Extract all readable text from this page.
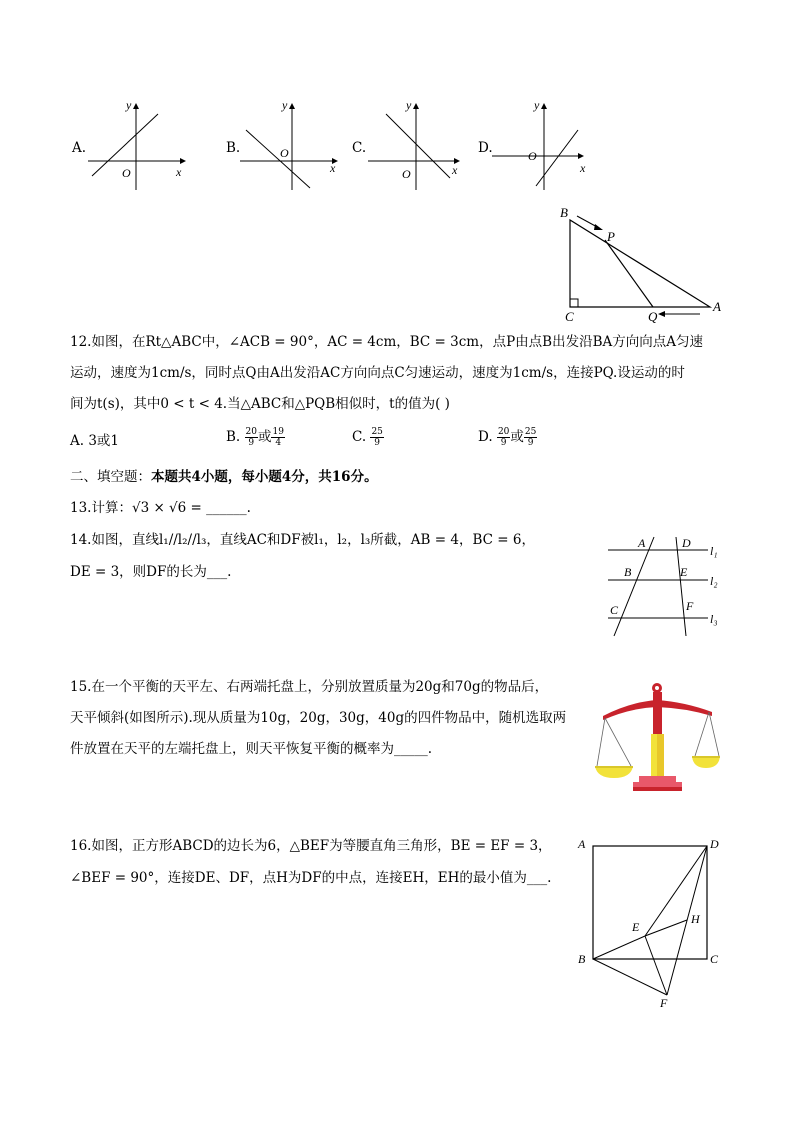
A.
y
x
O
B.
y
x
O	C.
y
x
O
D.
y
x
O
B
P
C	Q
A
12.如图，在Rt△ABC中，∠ACB = 90°，AC = 4cm，BC = 3cm，点P由点B出发沿BA方向向点A匀速
运动，速度为1cm/s，同时点Q由A出发沿AC方向向点C匀速运动，速度为1cm/s，连接PQ.设运动的时
间为t(s)，其中0 < t < 4.当△ABC和△PQB相似时，t的值为( )
A. 3或1	B. $\frac{20}{9}$ 或 $\frac{19}{4}$	C. $\frac{25}{9}$	D. $\frac{20}{9}$ 或 $\frac{25}{9}$
二、填空题：本题共4小题，每小题4分，共16分。
13.计算：√3 × √6 = ______.
14.如图，直线l₁//l₂//l₃，直线AC和DF被l₁，l₂，l₃所截，AB = 4，BC = 6，
DE = 3，则DF的长为___.
A	D
B	E
C	F
l₁
l₂
l₃
15.在一个平衡的天平左、右两端托盘上，分别放置质量为20g和70g的物品后，
天平倾斜(如图所示).现从质量为10g，20g，30g，40g的四件物品中，随机选取两
件放置在天平的左端托盘上，则天平恢复平衡的概率为_____.
16.如图，正方形ABCD的边长为6，△BEF为等腰直角三角形，BE = EF = 3，
∠BEF = 90°，连接DE、DF，点H为DF的中点，连接EH，EH的最小值为___.
A	D
B	C
E
H
F
